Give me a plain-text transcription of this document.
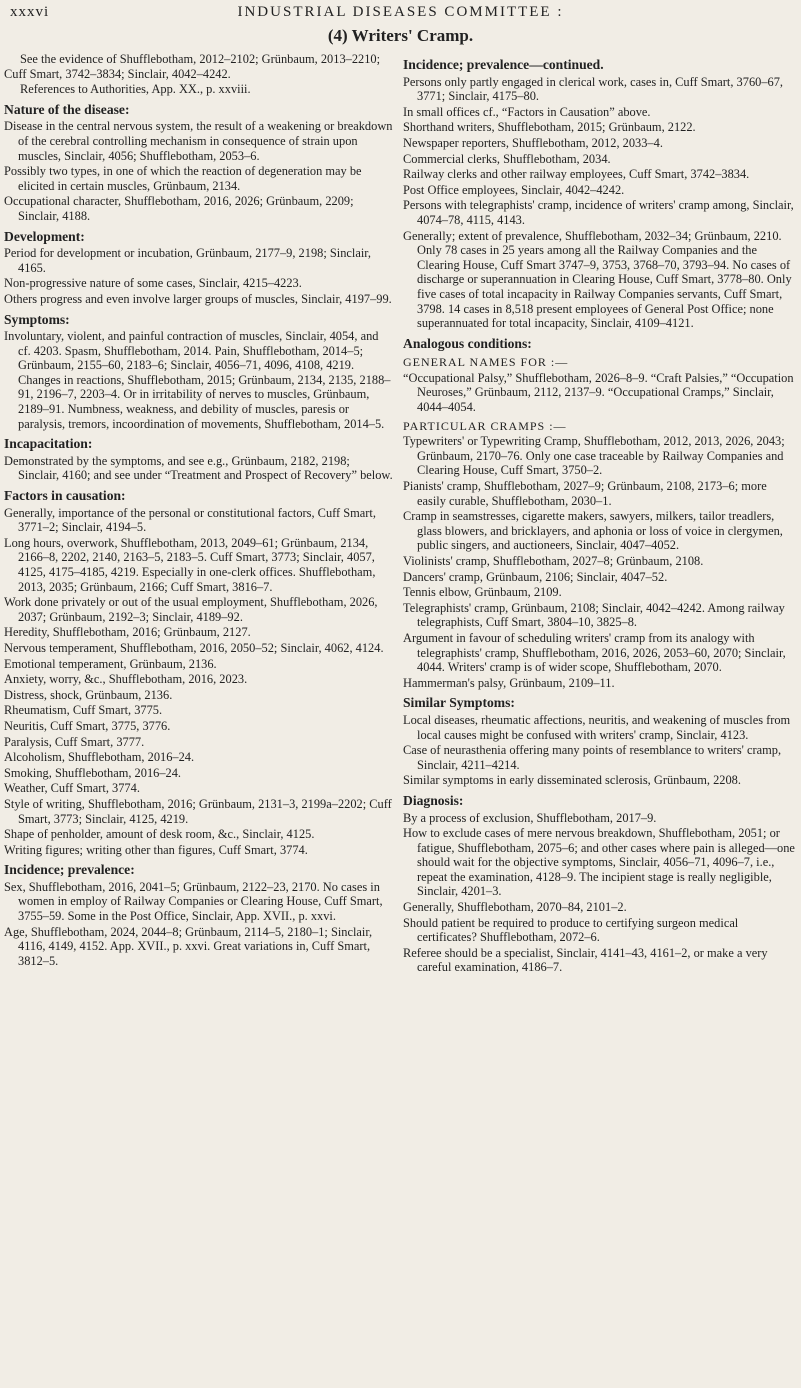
xxxvi	INDUSTRIAL DISEASES COMMITTEE :
(4) Writers' Cramp.

See the evidence of Shufflebotham, 2012–2102; Grünbaum, 2013–2210; Cuff Smart, 3742–3834; Sinclair, 4042–4242.

References to Authorities, App. XX., p. xxviii.

Nature of the disease:

Disease in the central nervous system, the result of a weakening or breakdown of the cerebral controlling mechanism in consequence of strain upon muscles, Sinclair, 4056; Shufflebotham, 2053–6.

Possibly two types, in one of which the reaction of degeneration may be elicited in certain muscles, Grünbaum, 2134.

Occupational character, Shufflebotham, 2016, 2026; Grünbaum, 2209; Sinclair, 4188.

Development:

Period for development or incubation, Grünbaum, 2177–9, 2198; Sinclair, 4165.

Non-progressive nature of some cases, Sinclair, 4215–4223.

Others progress and even involve larger groups of muscles, Sinclair, 4197–99.

Symptoms:

Involuntary, violent, and painful contraction of muscles, Sinclair, 4054, and cf. 4203. Spasm, Shufflebotham, 2014. Pain, Shufflebotham, 2014–5; Grünbaum, 2155–60, 2183–6; Sinclair, 4056–71, 4096, 4108, 4219. Changes in reactions, Shufflebotham, 2015; Grünbaum, 2134, 2135, 2188–91, 2196–7, 2203–4. Or in irritability of nerves to muscles, Grünbaum, 2189–91. Numbness, weakness, and debility of muscles, paresis or paralysis, tremors, incoordination of movements, Shufflebotham, 2014–5.

Incapacitation:

Demonstrated by the symptoms, and see e.g., Grünbaum, 2182, 2198; Sinclair, 4160; and see under “Treatment and Prospect of Recovery” below.

Factors in causation:

Generally, importance of the personal or constitutional factors, Cuff Smart, 3771–2; Sinclair, 4194–5.

Long hours, overwork, Shufflebotham, 2013, 2049–61; Grünbaum, 2134, 2166–8, 2202, 2140, 2163–5, 2183–5. Cuff Smart, 3773; Sinclair, 4057, 4125, 4175–4185, 4219. Especially in one-clerk offices. Shufflebotham, 2013, 2035; Grünbaum, 2166; Cuff Smart, 3816–7.

Work done privately or out of the usual employment, Shufflebotham, 2026, 2037; Grünbaum, 2192–3; Sinclair, 4189–92.

Heredity, Shufflebotham, 2016; Grünbaum, 2127.

Nervous temperament, Shufflebotham, 2016, 2050–52; Sinclair, 4062, 4124.

Emotional temperament, Grünbaum, 2136.

Anxiety, worry, &c., Shufflebotham, 2016, 2023.

Distress, shock, Grünbaum, 2136.

Rheumatism, Cuff Smart, 3775.

Neuritis, Cuff Smart, 3775, 3776.

Paralysis, Cuff Smart, 3777.

Alcoholism, Shufflebotham, 2016–24.

Smoking, Shufflebotham, 2016–24.

Weather, Cuff Smart, 3774.

Style of writing, Shufflebotham, 2016; Grünbaum, 2131–3, 2199a–2202; Cuff Smart, 3773; Sinclair, 4125, 4219.

Shape of penholder, amount of desk room, &c., Sinclair, 4125.

Writing figures; writing other than figures, Cuff Smart, 3774.

Incidence; prevalence:

Sex, Shufflebotham, 2016, 2041–5; Grünbaum, 2122–23, 2170. No cases in women in employ of Railway Companies or Clearing House, Cuff Smart, 3755–59. Some in the Post Office, Sinclair, App. XVII., p. xxvi.

Age, Shufflebotham, 2024, 2044–8; Grünbaum, 2114–5, 2180–1; Sinclair, 4116, 4149, 4152. App. XVII., p. xxvi. Great variations in, Cuff Smart, 3812–5.

Incidence; prevalence—continued.

Persons only partly engaged in clerical work, cases in, Cuff Smart, 3760–67, 3771; Sinclair, 4175–80.

In small offices cf., “Factors in Causation” above.

Shorthand writers, Shufflebotham, 2015; Grünbaum, 2122.

Newspaper reporters, Shufflebotham, 2012, 2033–4.

Commercial clerks, Shufflebotham, 2034.

Railway clerks and other railway employees, Cuff Smart, 3742–3834.

Post Office employees, Sinclair, 4042–4242.

Persons with telegraphists' cramp, incidence of writers' cramp among, Sinclair, 4074–78, 4115, 4143.

Generally; extent of prevalence, Shufflebotham, 2032–34; Grünbaum, 2210. Only 78 cases in 25 years among all the Railway Companies and the Clearing House, Cuff Smart 3747–9, 3753, 3768–70, 3793–94. No cases of discharge or superannuation in Clearing House, Cuff Smart, 3778–80. Only five cases of total incapacity in Railway Companies servants, Cuff Smart, 3798. 14 cases in 8,518 present employees of General Post Office; none superannuated for total incapacity, Sinclair, 4109–4121.

Analogous conditions:
GENERAL NAMES FOR :—

“Occupational Palsy,” Shufflebotham, 2026–8–9. “Craft Palsies,” “Occupation Neuroses,” Grünbaum, 2112, 2137–9. “Occupational Cramps,” Sinclair, 4044–4054.

PARTICULAR CRAMPS :—

Typewriters' or Typewriting Cramp, Shufflebotham, 2012, 2013, 2026, 2043; Grünbaum, 2170–76. Only one case traceable by Railway Companies and Clearing House, Cuff Smart, 3750–2.

Pianists' cramp, Shufflebotham, 2027–9; Grünbaum, 2108, 2173–6; more easily curable, Shufflebotham, 2030–1.

Cramp in seamstresses, cigarette makers, sawyers, milkers, tailor treadlers, glass blowers, and bricklayers, and aphonia or loss of voice in clergymen, public singers, and auctioneers, Sinclair, 4047–4052.

Violinists' cramp, Shufflebotham, 2027–8; Grünbaum, 2108.

Dancers' cramp, Grünbaum, 2106; Sinclair, 4047–52.

Tennis elbow, Grünbaum, 2109.

Telegraphists' cramp, Grünbaum, 2108; Sinclair, 4042–4242. Among railway telegraphists, Cuff Smart, 3804–10, 3825–8.

Argument in favour of scheduling writers' cramp from its analogy with telegraphists' cramp, Shufflebotham, 2016, 2026, 2053–60, 2070; Sinclair, 4044. Writers' cramp is of wider scope, Shufflebotham, 2070.

Hammerman's palsy, Grünbaum, 2109–11.

Similar Symptoms:

Local diseases, rheumatic affections, neuritis, and weakening of muscles from local causes might be confused with writers' cramp, Sinclair, 4123.

Case of neurasthenia offering many points of resemblance to writers' cramp, Sinclair, 4211–4214.

Similar symptoms in early disseminated sclerosis, Grünbaum, 2208.

Diagnosis:

By a process of exclusion, Shufflebotham, 2017–9.

How to exclude cases of mere nervous breakdown, Shufflebotham, 2051; or fatigue, Shufflebotham, 2075–6; and other cases where pain is alleged—one should wait for the objective symptoms, Sinclair, 4056–71, 4096–7, i.e., repeat the examination, 4128–9. The incipient stage is really negligible, Sinclair, 4201–3.

Generally, Shufflebotham, 2070–84, 2101–2.

Should patient be required to produce to certifying surgeon medical certificates? Shufflebotham, 2072–6.

Referee should be a specialist, Sinclair, 4141–43, 4161–2, or make a very careful examination, 4186–7.
